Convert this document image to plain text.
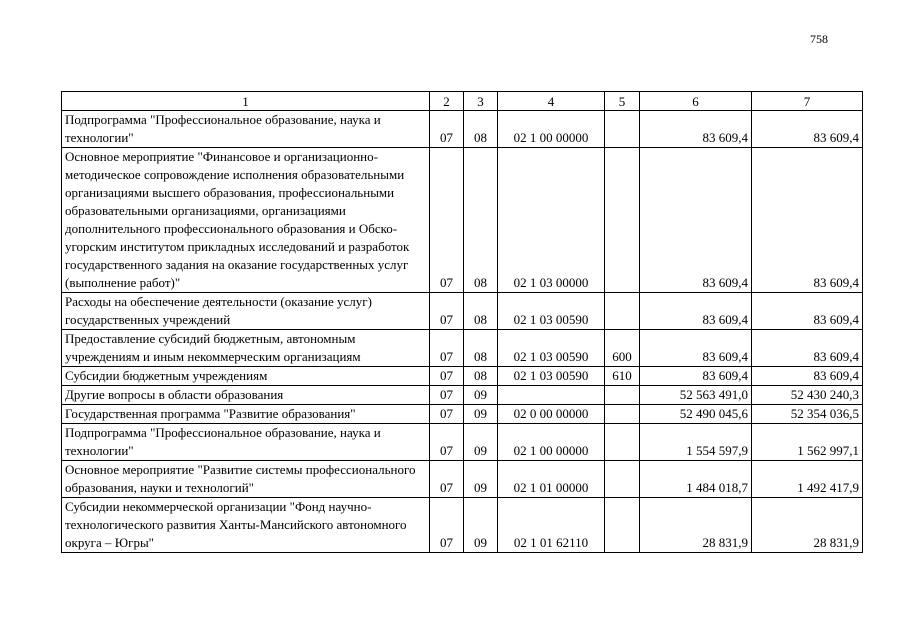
758
1	2	3	4	5	6	7
Подпрограмма "Профессиональное образование, наука и технологии"	07	08	02 1 00 00000		83 609,4	83 609,4
Основное мероприятие "Финансовое и организационно-методическое сопровождение исполнения образовательными организациями высшего образования, профессиональными образовательными организациями, организациями дополнительного профессионального образования и Обско-угорским институтом прикладных исследований и разработок государственного задания на оказание государственных услуг (выполнение работ)"	07	08	02 1 03 00000		83 609,4	83 609,4
Расходы на обеспечение деятельности (оказание услуг) государственных учреждений	07	08	02 1 03 00590		83 609,4	83 609,4
Предоставление субсидий бюджетным, автономным учреждениям и иным некоммерческим организациям	07	08	02 1 03 00590	600	83 609,4	83 609,4
Субсидии бюджетным учреждениям	07	08	02 1 03 00590	610	83 609,4	83 609,4
Другие вопросы в области образования	07	09			52 563 491,0	52 430 240,3
Государственная программа "Развитие образования"	07	09	02 0 00 00000		52 490 045,6	52 354 036,5
Подпрограмма "Профессиональное образование, наука и технологии"	07	09	02 1 00 00000		1 554 597,9	1 562 997,1
Основное мероприятие "Развитие системы профессионального образования, науки и технологий"	07	09	02 1 01 00000		1 484 018,7	1 492 417,9
Субсидии некоммерческой организации "Фонд научно-технологического развития Ханты-Мансийского автономного округа – Югры"	07	09	02 1 01 62110		28 831,9	28 831,9
